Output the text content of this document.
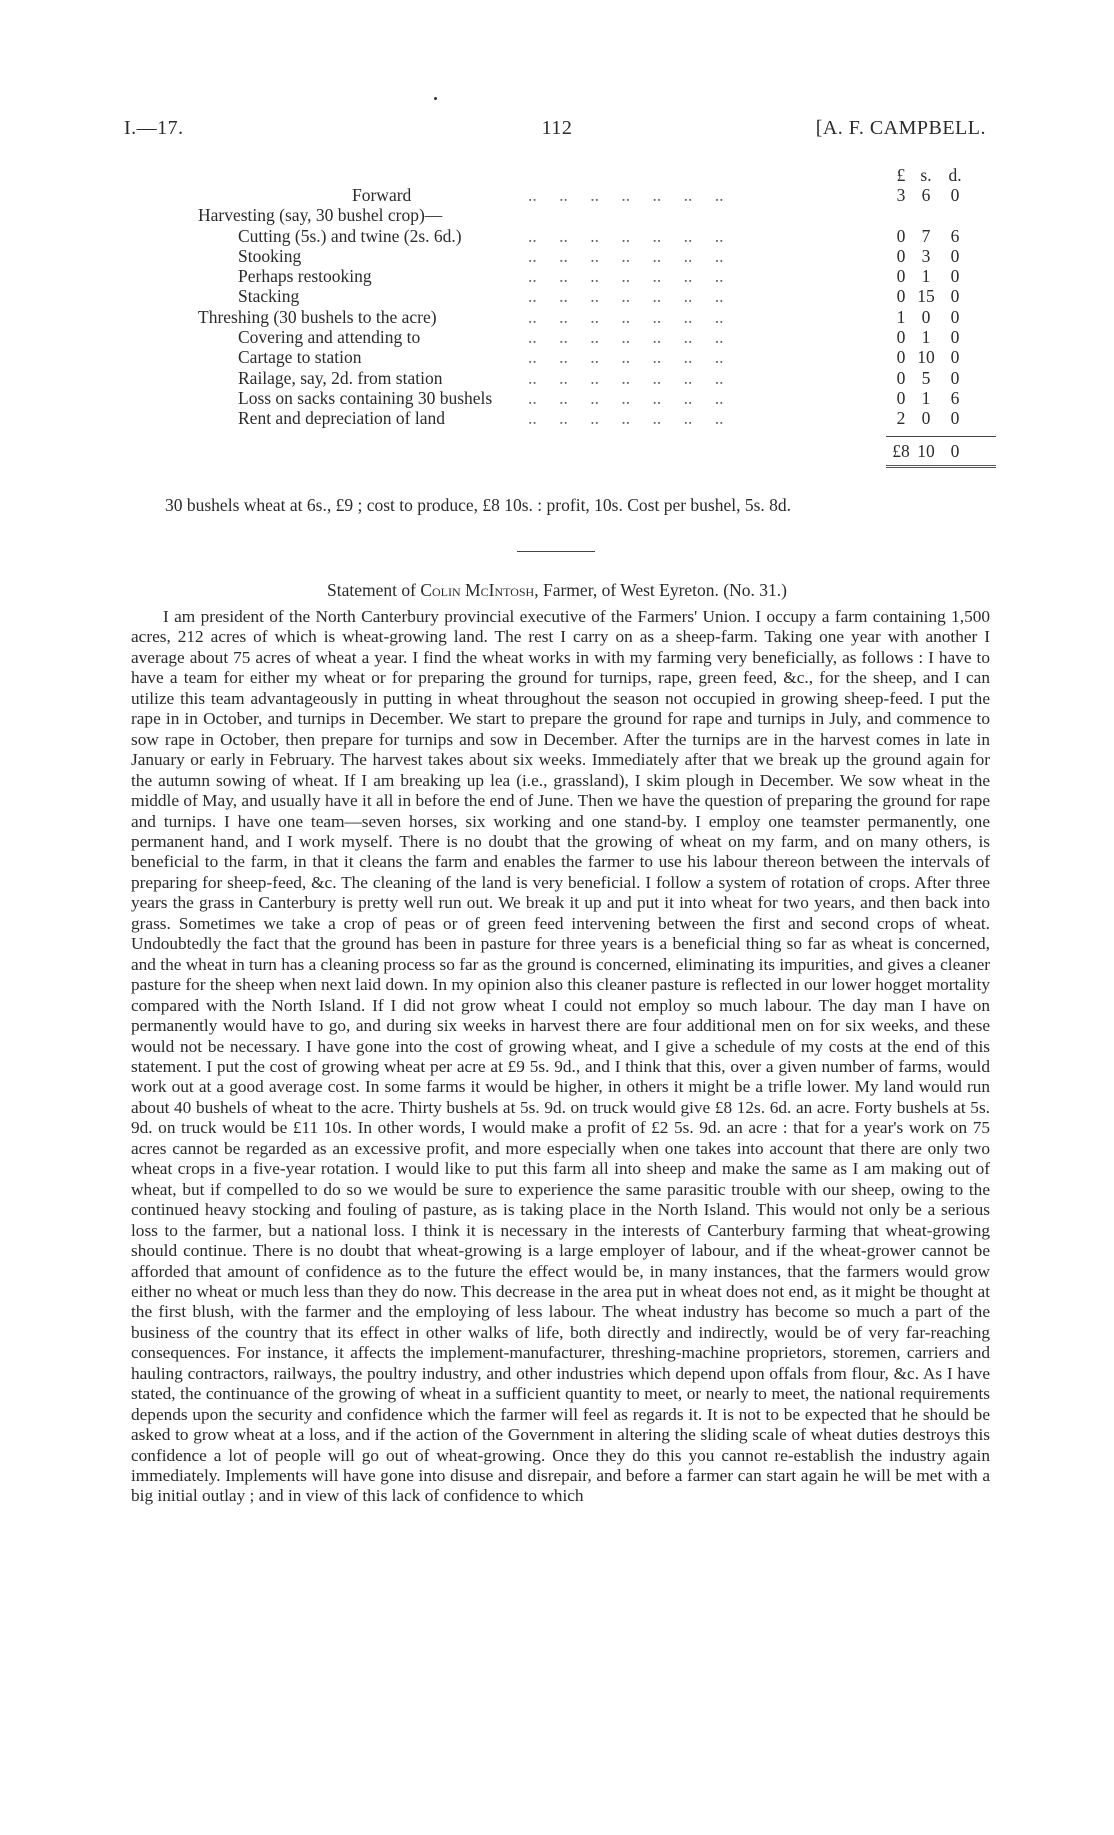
I.—17.	112	[A. F. CAMPBELL.
£ s. d.
Forward	.. .. .. .. .. .. ..	3 6	0
Harvesting (say, 30 bushel crop)—
Cutting (5s.) and twine (2s. 6d.)	.. .. .. .. .. .. ..	0 7	6
Stooking	.. .. .. .. .. .. ..	0 3	0
Perhaps restooking	.. .. .. .. .. .. ..	0 1	0
Stacking	.. .. .. .. .. .. ..	0 15 0
Threshing (30 bushels to the acre)	.. .. .. .. .. .. ..	1 0	0
Covering and attending to	.. .. .. .. .. .. ..	0 1	0
Cartage to station	.. .. .. .. .. .. ..	0 10 0
Railage, say, 2d. from station	.. .. .. .. .. .. ..	0 5	0
Loss on sacks containing 30 bushels .. .. .. .. .. .. ..	0 1	6
Rent and depreciation of land	.. .. .. .. .. .. ..	2 0	0
£8 10 0
30 bushels wheat at 6s., £9 ; cost to produce, £8 10s. : profit, 10s. Cost per bushel, 5s. 8d.
Statement of Colin McIntosh, Farmer, of West Eyreton. (No. 31.)

I am president of the North Canterbury provincial executive of the Farmers' Union. I occupy a farm containing 1,500 acres, 212 acres of which is wheat-growing land. The rest I carry on as a sheep-farm. Taking one year with another I average about 75 acres of wheat a year. I find the wheat works in with my farming very beneficially, as follows : I have to have a team for either my wheat or for preparing the ground for turnips, rape, green feed, &c., for the sheep, and I can utilize this team advantageously in putting in wheat throughout the season not occupied in growing sheep-feed. I put the rape in in October, and turnips in December. We start to prepare the ground for rape and turnips in July, and commence to sow rape in October, then prepare for turnips and sow in December. After the turnips are in the harvest comes in late in January or early in February. The harvest takes about six weeks. Immediately after that we break up the ground again for the autumn sowing of wheat. If I am breaking up lea (i.e., grassland), I skim plough in December. We sow wheat in the middle of May, and usually have it all in before the end of June. Then we have the question of preparing the ground for rape and turnips. I have one team—seven horses, six working and one stand-by. I employ one teamster permanently, one permanent hand, and I work myself. There is no doubt that the growing of wheat on my farm, and on many others, is beneficial to the farm, in that it cleans the farm and enables the farmer to use his labour thereon between the intervals of preparing for sheep-feed, &c. The cleaning of the land is very beneficial. I follow a system of rotation of crops. After three years the grass in Canterbury is pretty well run out. We break it up and put it into wheat for two years, and then back into grass. Sometimes we take a crop of peas or of green feed intervening between the first and second crops of wheat. Undoubtedly the fact that the ground has been in pasture for three years is a beneficial thing so far as wheat is concerned, and the wheat in turn has a cleaning process so far as the ground is concerned, eliminating its impurities, and gives a cleaner pasture for the sheep when next laid down. In my opinion also this cleaner pasture is reflected in our lower hogget mortality compared with the North Island. If I did not grow wheat I could not employ so much labour. The day man I have on permanently would have to go, and during six weeks in harvest there are four additional men on for six weeks, and these would not be necessary. I have gone into the cost of growing wheat, and I give a schedule of my costs at the end of this statement. I put the cost of growing wheat per acre at £9 5s. 9d., and I think that this, over a given number of farms, would work out at a good average cost. In some farms it would be higher, in others it might be a trifle lower. My land would run about 40 bushels of wheat to the acre. Thirty bushels at 5s. 9d. on truck would give £8 12s. 6d. an acre. Forty bushels at 5s. 9d. on truck would be £11 10s. In other words, I would make a profit of £2 5s. 9d. an acre : that for a year's work on 75 acres cannot be regarded as an excessive profit, and more especially when one takes into account that there are only two wheat crops in a five-year rotation. I would like to put this farm all into sheep and make the same as I am making out of wheat, but if compelled to do so we would be sure to experience the same parasitic trouble with our sheep, owing to the continued heavy stocking and fouling of pasture, as is taking place in the North Island. This would not only be a serious loss to the farmer, but a national loss. I think it is necessary in the interests of Canterbury farming that wheat-growing should continue. There is no doubt that wheat-growing is a large employer of labour, and if the wheat-grower cannot be afforded that amount of confidence as to the future the effect would be, in many instances, that the farmers would grow either no wheat or much less than they do now. This decrease in the area put in wheat does not end, as it might be thought at the first blush, with the farmer and the employing of less labour. The wheat industry has become so much a part of the business of the country that its effect in other walks of life, both directly and indirectly, would be of very far-reaching consequences. For instance, it affects the implement-manufacturer, threshing-machine proprietors, storemen, carriers and hauling contractors, railways, the poultry industry, and other industries which depend upon offals from flour, &c. As I have stated, the continuance of the growing of wheat in a sufficient quantity to meet, or nearly to meet, the national requirements depends upon the security and confidence which the farmer will feel as regards it. It is not to be expected that he should be asked to grow wheat at a loss, and if the action of the Government in altering the sliding scale of wheat duties destroys this confidence a lot of people will go out of wheat-growing. Once they do this you cannot re-establish the industry again immediately. Implements will have gone into disuse and disrepair, and before a farmer can start again he will be met with a big initial outlay ; and in view of this lack of confidence to which
